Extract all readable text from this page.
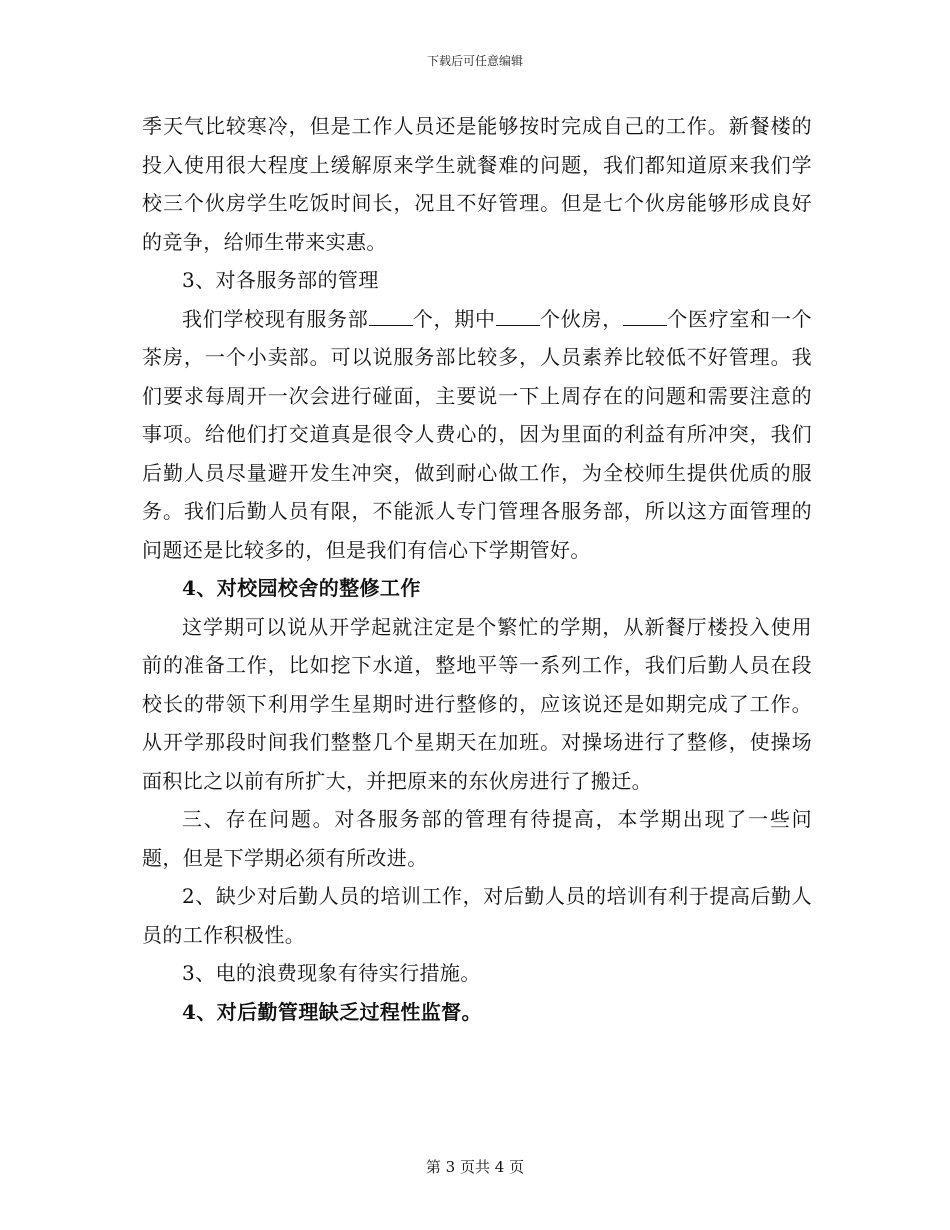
下载后可任意编辑

季天气比较寒冷，但是工作人员还是能够按时完成自己的工作。新餐楼的投入使用很大程度上缓解原来学生就餐难的问题，我们都知道原来我们学校三个伙房学生吃饭时间长，况且不好管理。但是七个伙房能够形成良好的竞争，给师生带来实惠。

3、对各服务部的管理

我们学校现有服务部 个，期中 个伙房， 个医疗室和一个茶房，一个小卖部。可以说服务部比较多，人员素养比较低不好管理。我们要求每周开一次会进行碰面，主要说一下上周存在的问题和需要注意的事项。给他们打交道真是很令人费心的，因为里面的利益有所冲突，我们后勤人员尽量避开发生冲突，做到耐心做工作，为全校师生提供优质的服务。我们后勤人员有限，不能派人专门管理各服务部，所以这方面管理的问题还是比较多的，但是我们有信心下学期管好。

4、对校园校舍的整修工作

这学期可以说从开学起就注定是个繁忙的学期，从新餐厅楼投入使用前的准备工作，比如挖下水道，整地平等一系列工作，我们后勤人员在段校长的带领下利用学生星期时进行整修的，应该说还是如期完成了工作。从开学那段时间我们整整几个星期天在加班。对操场进行了整修，使操场面积比之以前有所扩大，并把原来的东伙房进行了搬迁。

三、存在问题。对各服务部的管理有待提高，本学期出现了一些问题，但是下学期必须有所改进。

2、缺少对后勤人员的培训工作，对后勤人员的培训有利于提高后勤人员的工作积极性。

3、电的浪费现象有待实行措施。

4、对后勤管理缺乏过程性监督。

第 3 页共 4 页
